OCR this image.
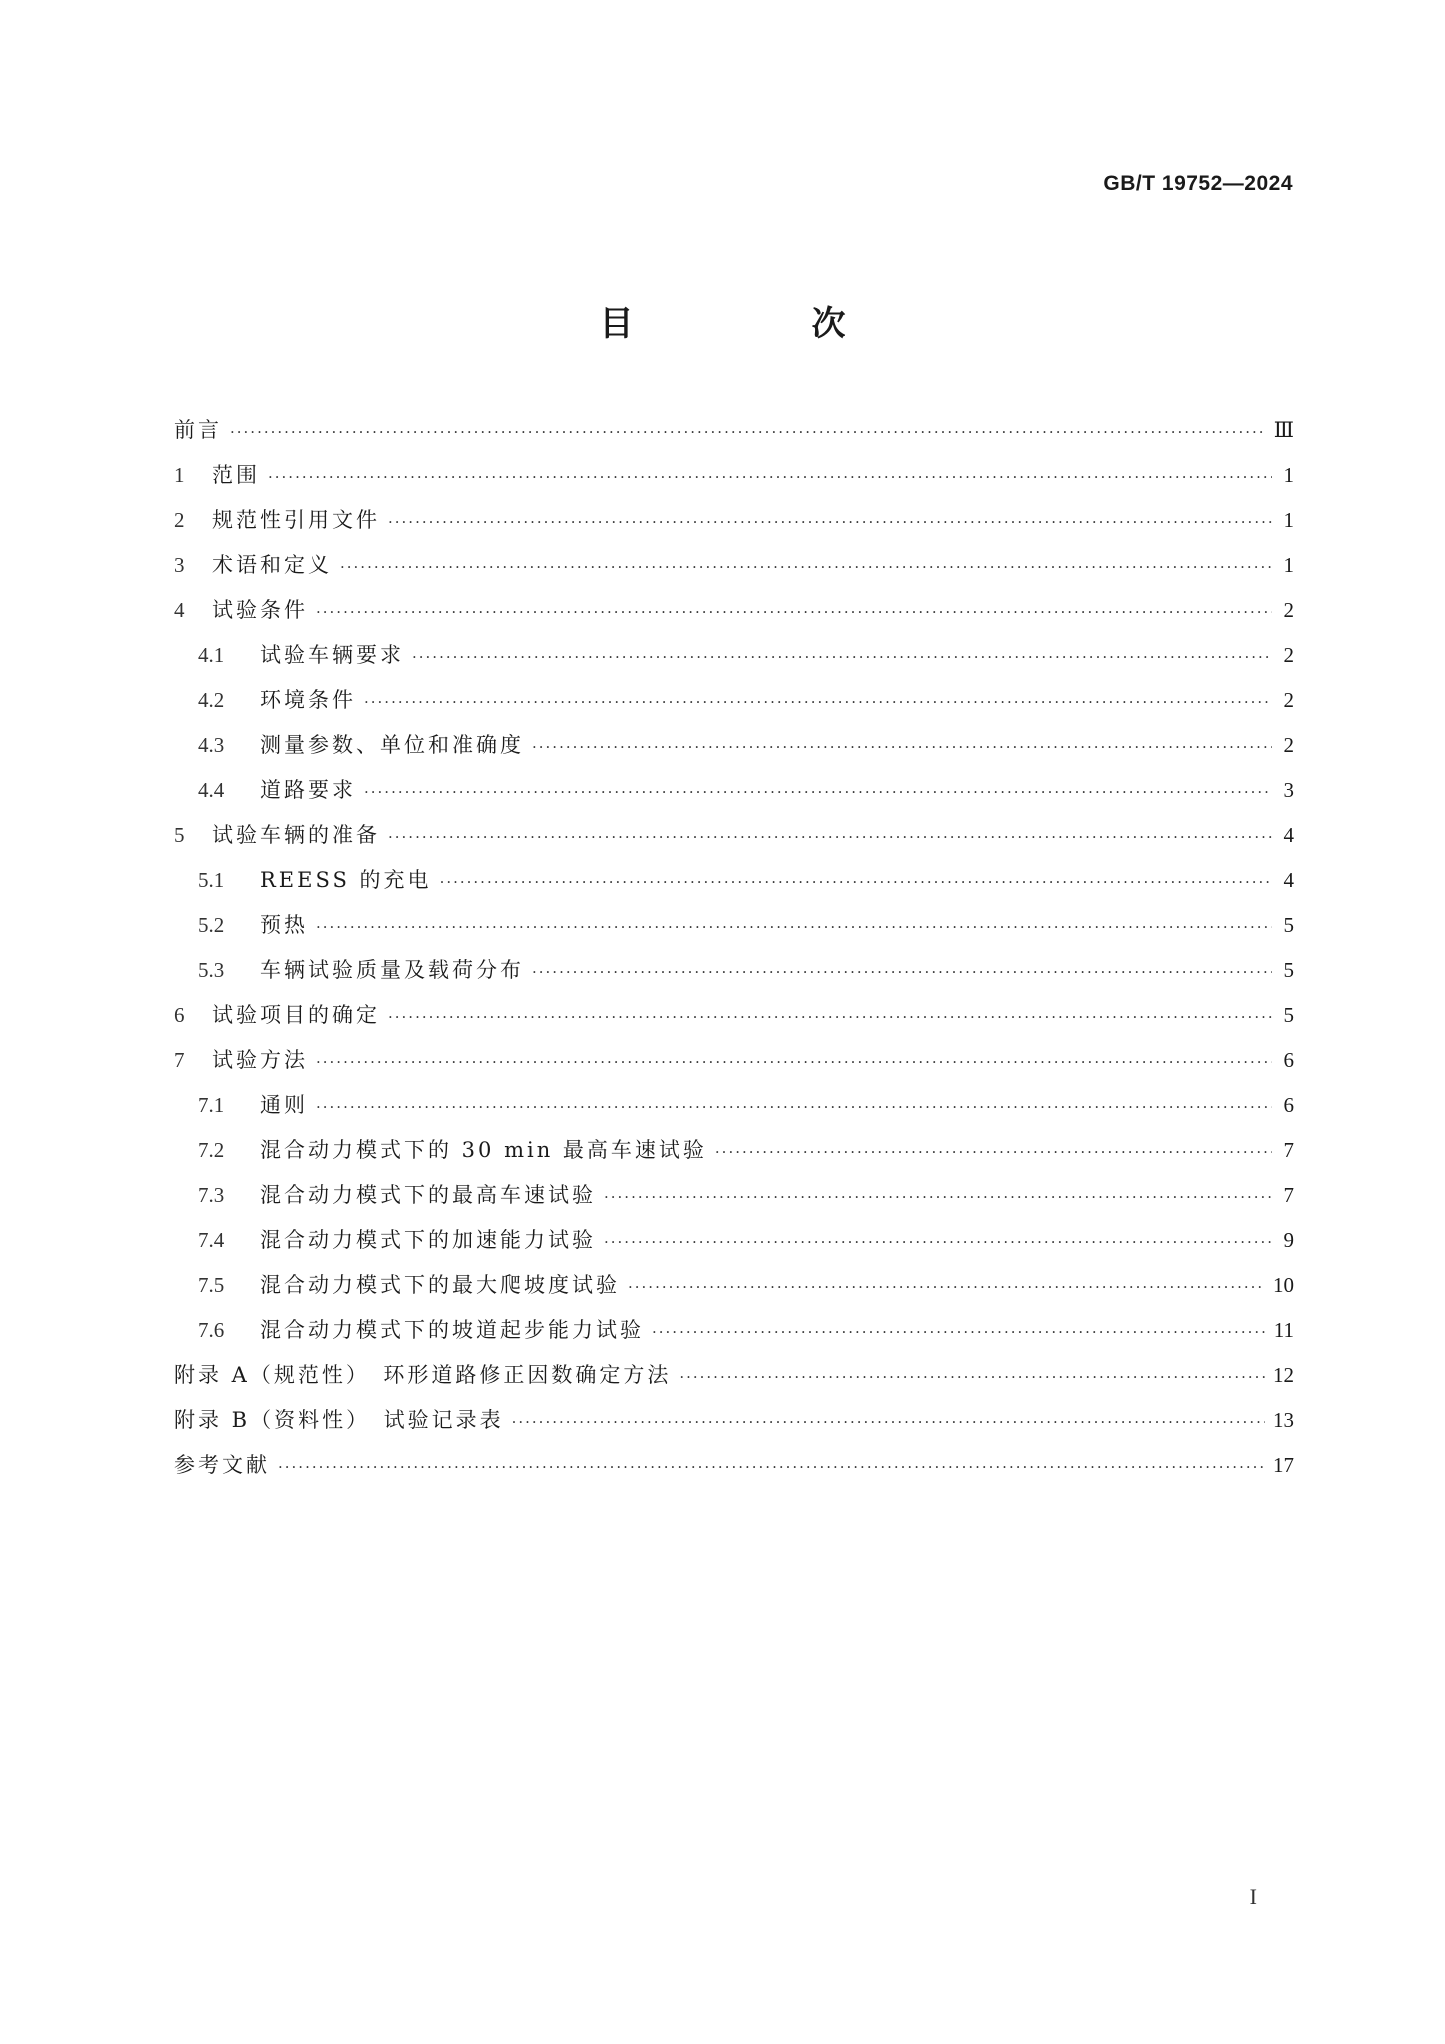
GB/T 19752—2024
目　次
前言 ·····	Ⅲ
1	范围 ·····	1
2	规范性引用文件 ·····	1
3	术语和定义 ·····	1
4	试验条件 ·····	2
4.1	试验车辆要求 ·····	2
4.2	环境条件 ·····	2
4.3	测量参数、单位和准确度 ·····	2
4.4	道路要求 ·····	3
5	试验车辆的准备 ·····	4
5.1	REESS 的充电 ·····	4
5.2	预热 ·····	5
5.3	车辆试验质量及载荷分布 ·····	5
6	试验项目的确定 ·····	5
7	试验方法 ·····	6
7.1	通则 ·····	6
7.2	混合动力模式下的 30 min 最高车速试验 ·····	7
7.3	混合动力模式下的最高车速试验 ·····	7
7.4	混合动力模式下的加速能力试验 ·····	9
7.5	混合动力模式下的最大爬坡度试验 ·····	10
7.6	混合动力模式下的坡道起步能力试验 ·····	11
附录 A（规范性）　环形道路修正因数确定方法 ·····	12
附录 B（资料性）　试验记录表 ·····	13
参考文献 ·····	17
I
